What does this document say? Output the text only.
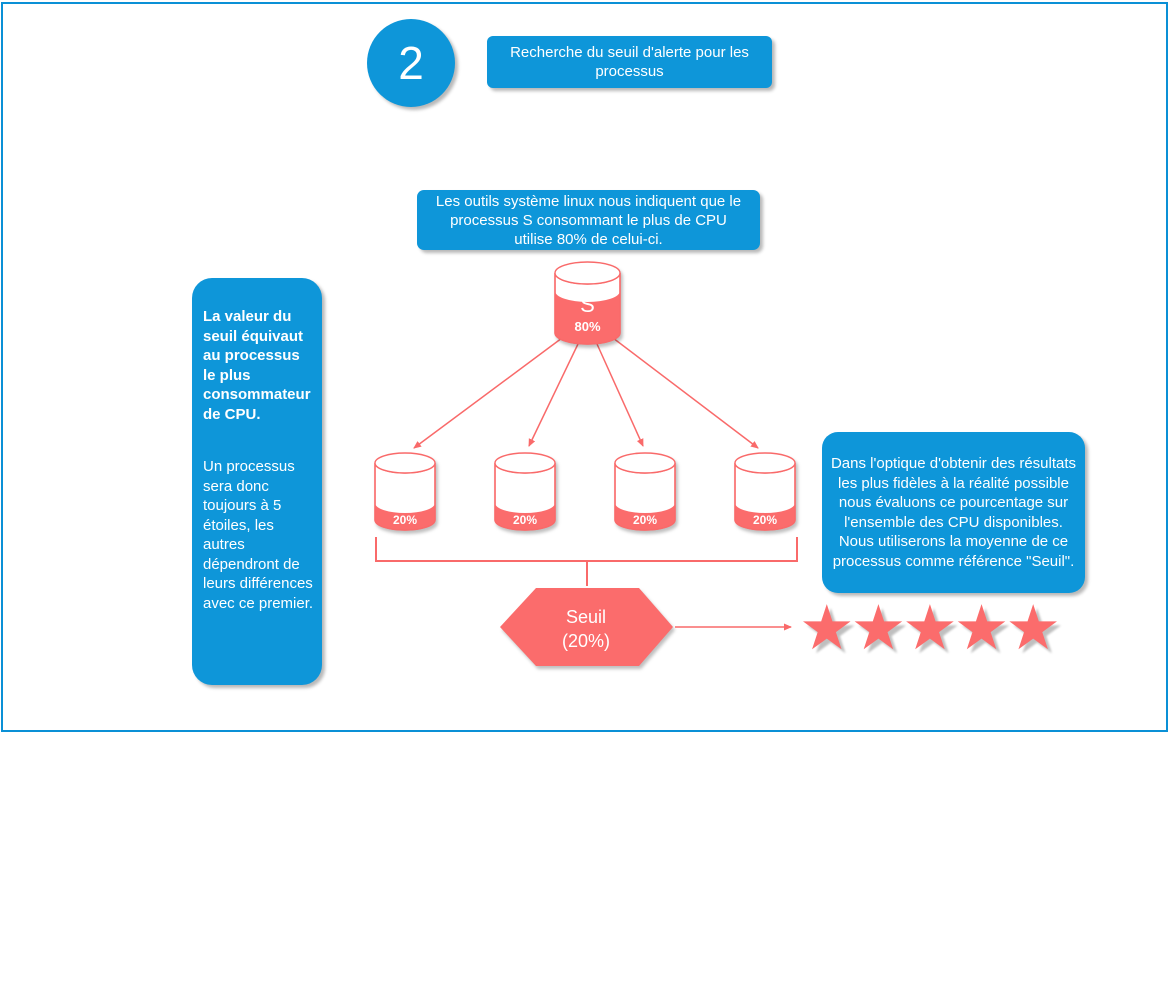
2	Recherche du seuil d'alerte pour les processus
Les outils système linux nous indiquent que le processus S consommant le plus de CPU utilise 80% de celui-ci.

La valeur du seuil équivaut au processus le plus consommateur de CPU.

Un processus sera donc toujours à 5 étoiles, les autres dépendront de leurs différences avec ce premier.

Dans l'optique d'obtenir des résultats les plus fidèles à la réalité possible nous évaluons ce pourcentage sur l'ensemble des CPU disponibles. Nous utiliserons la moyenne de ce processus comme référence "Seuil".
S
80%
20%	20%	20%	20%
Seuil
(20%)	★★★★★
